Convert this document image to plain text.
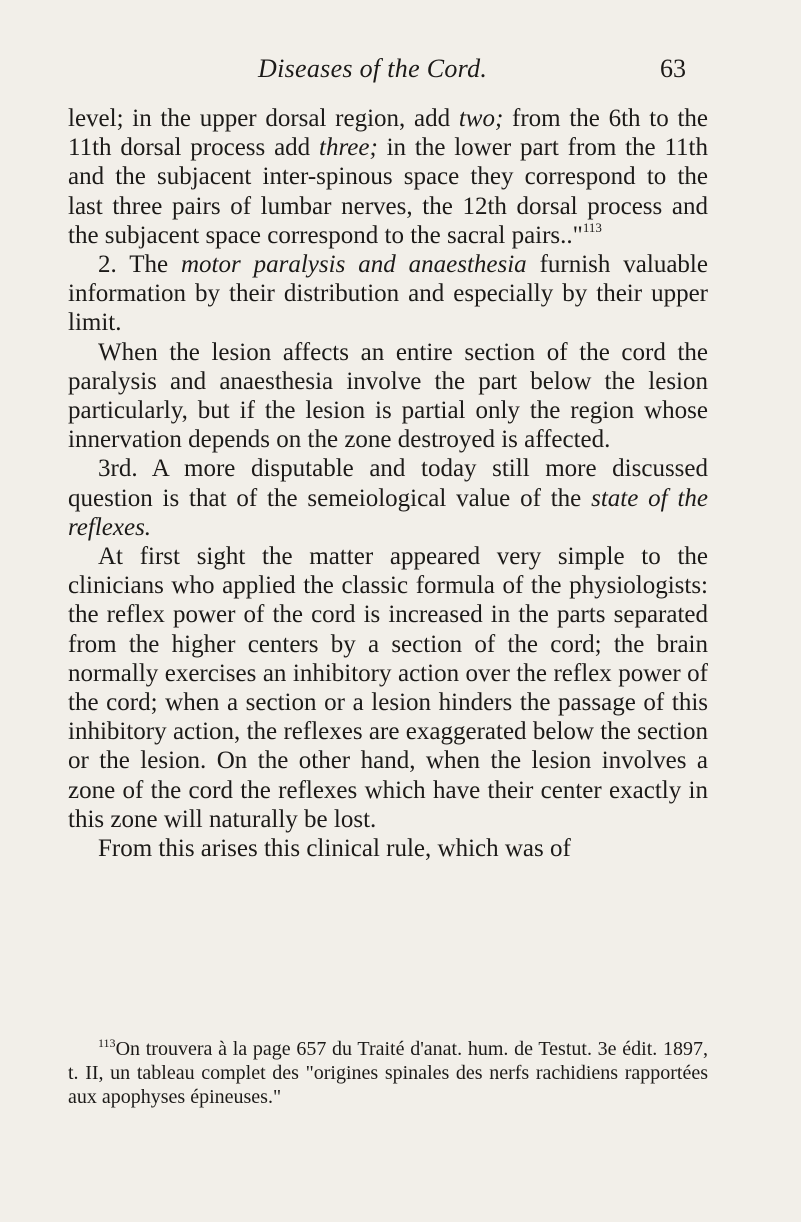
Diseases of the Cord.	63

level; in the upper dorsal region, add two; from the 6th to the 11th dorsal process add three; in the lower part from the 11th and the subjacent inter-spinous space they correspond to the last three pairs of lumbar nerves, the 12th dorsal process and the subjacent space correspond to the sacral pairs.."$^{113}$

2. The motor paralysis and anaesthesia furnish valuable information by their distribution and especially by their upper limit.

When the lesion affects an entire section of the cord the paralysis and anaesthesia involve the part below the lesion particularly, but if the lesion is partial only the region whose innervation depends on the zone destroyed is affected.

3rd. A more disputable and today still more discussed question is that of the semeiological value of the state of the reflexes.

At first sight the matter appeared very simple to the clinicians who applied the classic formula of the physiologists: the reflex power of the cord is increased in the parts separated from the higher centers by a section of the cord; the brain normally exercises an inhibitory action over the reflex power of the cord; when a section or a lesion hinders the passage of this inhibitory action, the reflexes are exaggerated below the section or the lesion. On the other hand, when the lesion involves a zone of the cord the reflexes which have their center exactly in this zone will naturally be lost.

From this arises this clinical rule, which was of

$^{113}$On trouvera à la page 657 du Traité d'anat. hum. de Testut. 3e édit. 1897, t. II, un tableau complet des "origines spinales des nerfs rachidiens rapportées aux apophyses épineuses."
